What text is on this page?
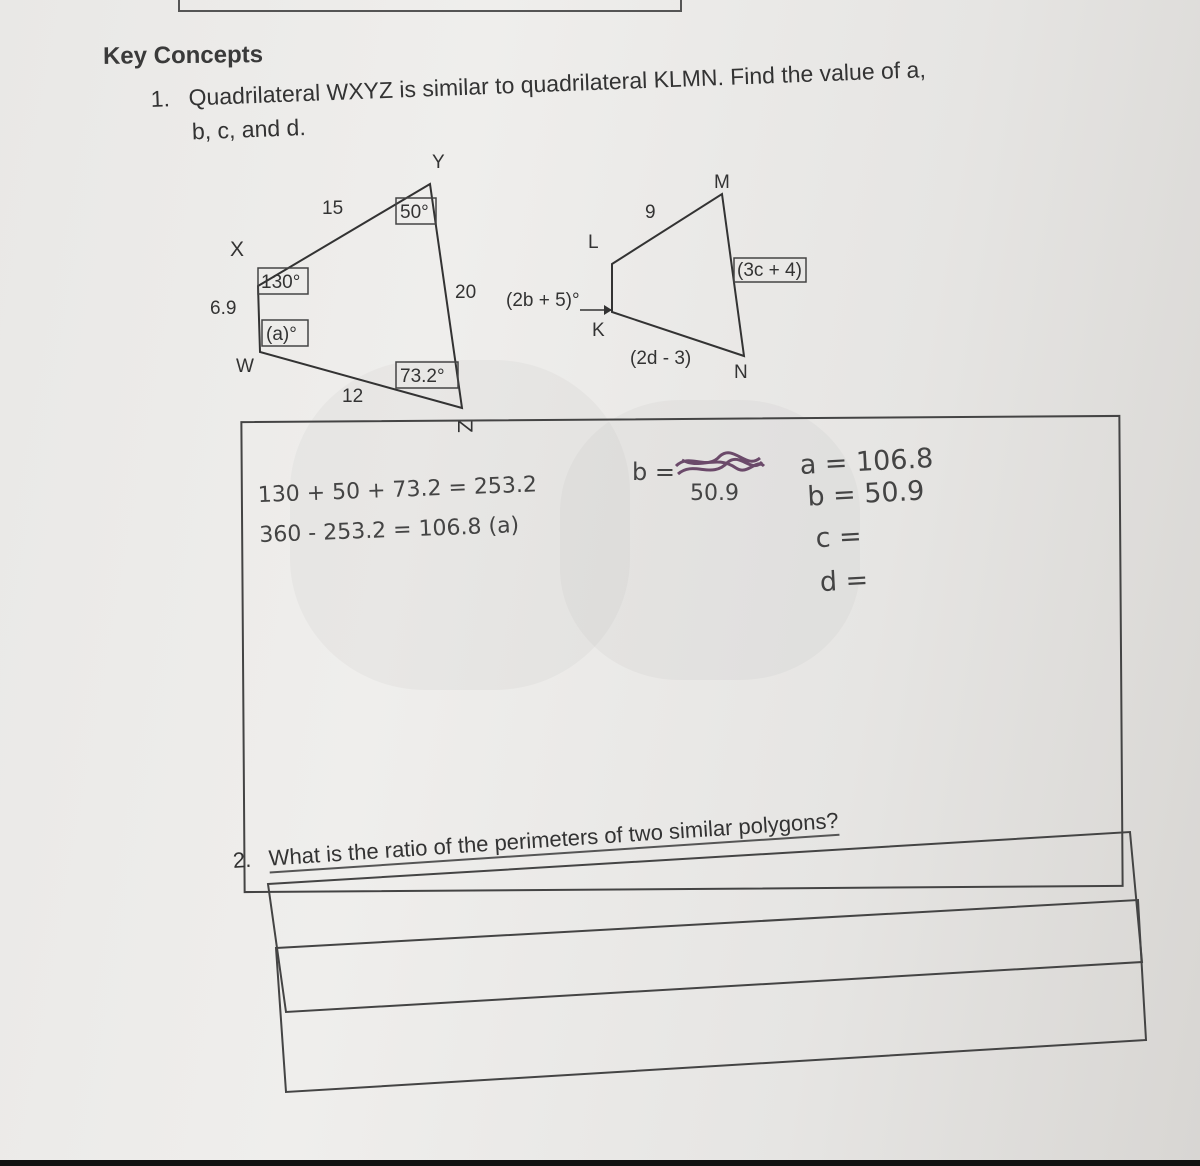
Key Concepts
1. Quadrilateral WXYZ is similar to quadrilateral KLMN. Find the value of a,
b, c, and d.
X
Y
Z
W
15
20
12
6.9
130°
50°
73.2°
(a)°
L
M
N
K
9
(3c + 4)
(2d - 3)
(2b + 5)°
130 + 50 + 73.2 = 253.2
360 - 253.2 = 106.8 (a)
b =
50.9
a = 106.8
b = 50.9
c =
d =
2. What is the ratio of the perimeters of two similar polygons?
